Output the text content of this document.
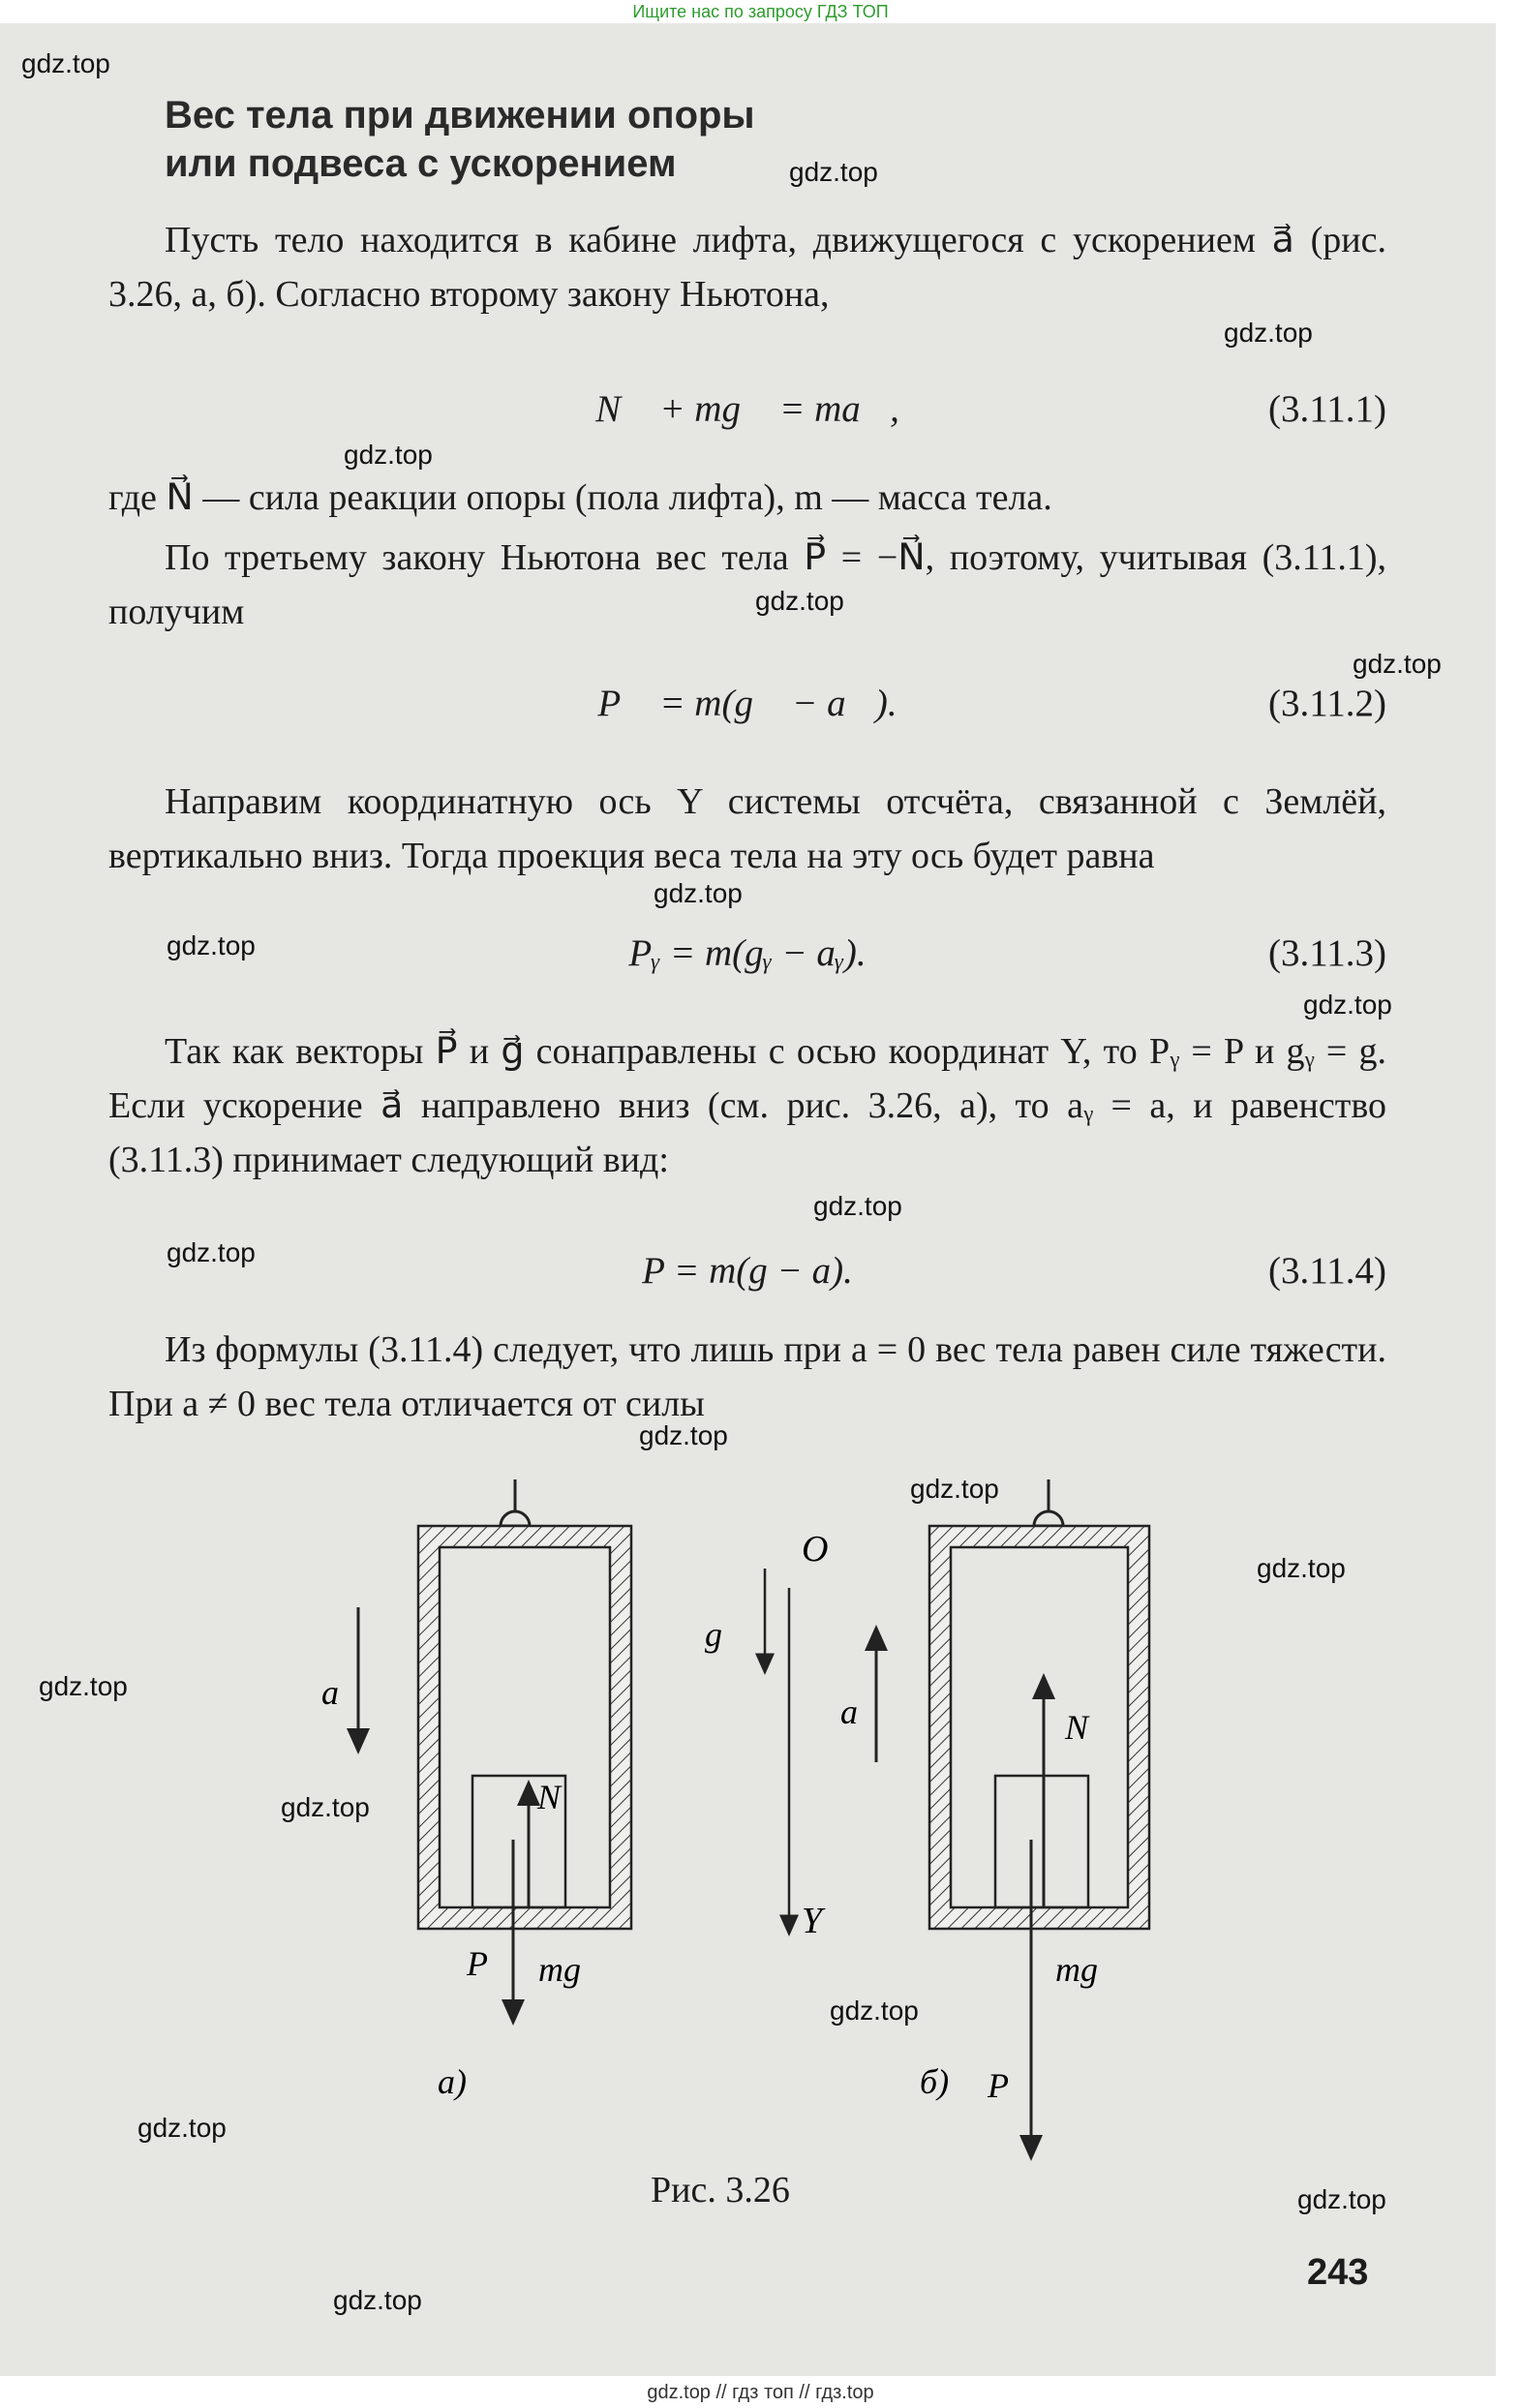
Ищите нас по запросу ГДЗ ТОП
gdz.top
gdz.top
gdz.top
gdz.top
gdz.top
gdz.top
gdz.top
gdz.top
gdz.top
gdz.top
gdz.top
gdz.top
gdz.top
gdz.top
gdz.top
gdz.top
gdz.top
gdz.top
gdz.top
gdz.top
Вес тела при движении опоры
или подвеса с ускорением
Пусть тело находится в кабине лифта, движущегося с ускорением a⃗ (рис. 3.26, а, б). Согласно второму закону Ньютона,
N⃗ + mg⃗ = ma⃗,	(3.11.1)
где N⃗ — сила реакции опоры (пола лифта), m — масса тела.
По третьему закону Ньютона вес тела P⃗ = −N⃗, поэтому, учитывая (3.11.1), получим
P⃗ = m(g⃗ − a⃗).	(3.11.2)
Направим координатную ось Y системы отсчёта, связанной с Землёй, вертикально вниз. Тогда проекция веса тела на эту ось будет равна
Pᵧ = m(gᵧ − aᵧ).	(3.11.3)
Так как векторы P⃗ и g⃗ сонаправлены с осью координат Y, то Pᵧ = P и gᵧ = g. Если ускорение a⃗ направлено вниз (см. рис. 3.26, а), то aᵧ = a, и равенство (3.11.3) принимает следующий вид:
P = m(g − a).	(3.11.4)
Из формулы (3.11.4) следует, что лишь при a = 0 вес тела равен силе тяжести. При a ≠ 0 вес тела отличается от силы
a⃗
N⃗
P⃗ mg⃗
g⃗
O
Y
a⃗	N⃗
mg⃗
P⃗
а)	б)
Рис. 3.26
243
gdz.top // гдз топ // гдз.top
